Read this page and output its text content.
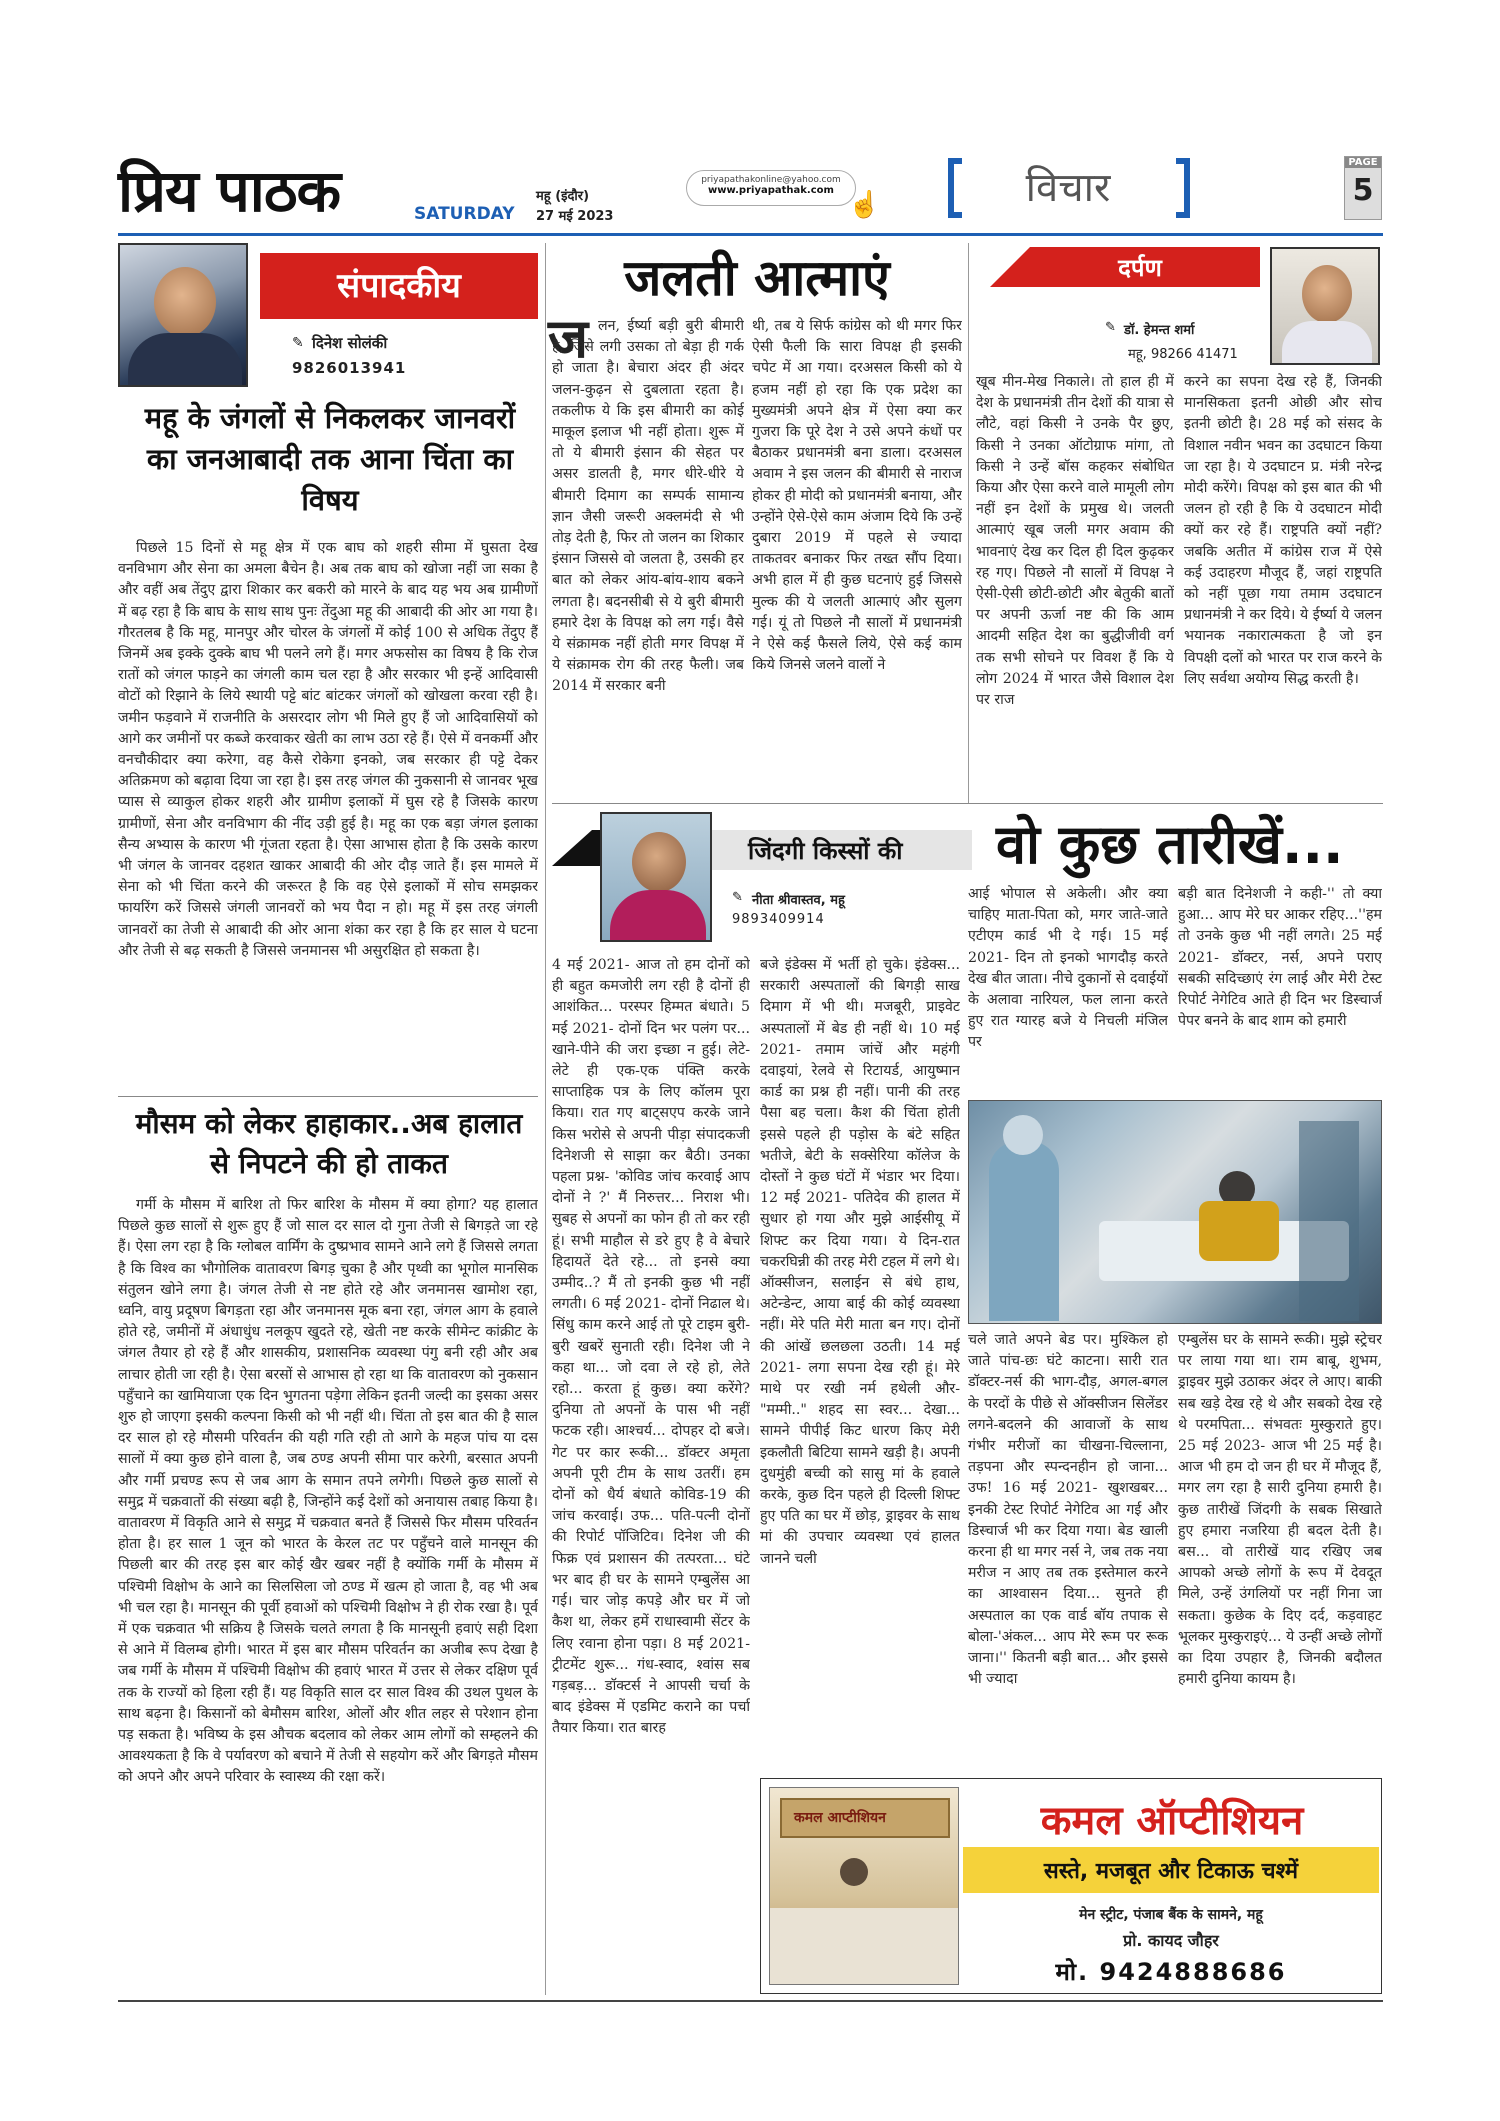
प्रिय पाठक	SATURDAY
महू (इंदौर)
27 मई 2023
priyapathakonline@yahoo.com
www.priyapathak.com ☝	विचार
PAGE
5
संपादकीय
✎ दिनेश सोलंकी
9826013941
महू के जंगलों से निकलकर जानवरों का जनआबादी तक आना चिंता का विषय
पिछले 15 दिनों से महू क्षेत्र में एक बाघ को शहरी सीमा में घुसता देख वनविभाग और सेना का अमला बैचेन है। अब तक बाघ को खोजा नहीं जा सका है और वहीं अब तेंदुए द्वारा शिकार कर बकरी को मारने के बाद यह भय अब ग्रामीणों में बढ़ रहा है कि बाघ के साथ साथ पुनः तेंदुआ महू की आबादी की ओर आ गया है। गौरतलब है कि महू, मानपुर और चोरल के जंगलों में कोई 100 से अधिक तेंदुए हैं जिनमें अब इक्के दुक्के बाघ भी पलने लगे हैं। मगर अफसोस का विषय है कि रोज रातों को जंगल फाड़ने का जंगली काम चल रहा है और सरकार भी इन्हें आदिवासी वोटों को रिझाने के लिये स्थायी पट्टे बांट बांटकर जंगलों को खोखला करवा रही है। जमीन फड़वाने में राजनीति के असरदार लोग भी मिले हुए हैं जो आदिवासियों को आगे कर जमीनों पर कब्जे करवाकर खेती का लाभ उठा रहे हैं। ऐसे में वनकर्मी और वनचौकीदार क्या करेगा, वह कैसे रोकेगा इनको, जब सरकार ही पट्टे देकर अतिक्रमण को बढ़ावा दिया जा रहा है। इस तरह जंगल की नुकसानी से जानवर भूख प्यास से व्याकुल होकर शहरी और ग्रामीण इलाकों में घुस रहे है जिसके कारण ग्रामीणों, सेना और वनविभाग की नींद उड़ी हुई है। महू का एक बड़ा जंगल इलाका सैन्य अभ्यास के कारण भी गूंजता रहता है। ऐसा आभास होता है कि उसके कारण भी जंगल के जानवर दहशत खाकर आबादी की ओर दौड़ जाते हैं। इस मामले में सेना को भी चिंता करने की जरूरत है कि वह ऐसे इलाकों में सोच समझकर फायरिंग करें जिससे जंगली जानवरों को भय पैदा न हो। महू में इस तरह जंगली जानवरों का तेजी से आबादी की ओर आना शंका कर रहा है कि हर साल ये घटना और तेजी से बढ़ सकती है जिससे जनमानस भी असुरक्षित हो सकता है।
मौसम को लेकर हाहाकार..अब हालात से निपटने की हो ताकत
गर्मी के मौसम में बारिश तो फिर बारिश के मौसम में क्या होगा? यह हालात पिछले कुछ सालों से शुरू हुए हैं जो साल दर साल दो गुना तेजी से बिगड़ते जा रहे हैं। ऐसा लग रहा है कि ग्लोबल वार्मिंग के दुष्प्रभाव सामने आने लगे हैं जिससे लगता है कि विश्व का भौगोलिक वातावरण बिगड़ चुका है और पृथ्वी का भूगोल मानसिक संतुलन खोने लगा है। जंगल तेजी से नष्ट होते रहे और जनमानस खामोश रहा, ध्वनि, वायु प्रदूषण बिगड़ता रहा और जनमानस मूक बना रहा, जंगल आग के हवाले होते रहे, जमीनों में अंधाधुंध नलकूप खुदते रहे, खेती नष्ट करके सीमेन्ट कांक्रीट के जंगल तैयार हो रहे हैं और शासकीय, प्रशासनिक व्यवस्था पंगु बनी रही और अब लाचार होती जा रही है। ऐसा बरसों से आभास हो रहा था कि वातावरण को नुकसान पहुँचाने का खामियाजा एक दिन भुगतना पड़ेगा लेकिन इतनी जल्दी का इसका असर शुरु हो जाएगा इसकी कल्पना किसी को भी नहीं थी। चिंता तो इस बात की है साल दर साल हो रहे मौसमी परिवर्तन की यही गति रही तो आगे के महज पांच या दस सालों में क्या कुछ होने वाला है, जब ठण्ड अपनी सीमा पार करेगी, बरसात अपनी और गर्मी प्रचण्ड रूप से जब आग के समान तपने लगेगी। पिछले कुछ सालों से समुद्र में चक्रवातों की संख्या बढ़ी है, जिन्होंने कई देशों को अनायास तबाह किया है। वातावरण में विकृति आने से समुद्र में चक्रवात बनते हैं जिससे फिर मौसम परिवर्तन होता है। हर साल 1 जून को भारत के केरल तट पर पहुँचने वाले मानसून की पिछली बार की तरह इस बार कोई खैर खबर नहीं है क्योंकि गर्मी के मौसम में पश्चिमी विक्षोभ के आने का सिलसिला जो ठण्ड में खत्म हो जाता है, वह भी अब भी चल रहा है। मानसून की पूर्वी हवाओं को पश्चिमी विक्षोभ ने ही रोक रखा है। पूर्व में एक चक्रवात भी सक्रिय है जिसके चलते लगता है कि मानसूनी हवाएं सही दिशा से आने में विलम्ब होगी। भारत में इस बार मौसम परिवर्तन का अजीब रूप देखा है जब गर्मी के मौसम में पश्चिमी विक्षोभ की हवाएं भारत में उत्तर से लेकर दक्षिण पूर्व तक के राज्यों को हिला रही हैं। यह विकृति साल दर साल विश्व की उथल पुथल के साथ बढ़ना है। किसानों को बेमौसम बारिश, ओलों और शीत लहर से परेशान होना पड़ सकता है। भविष्य के इस औचक बदलाव को लेकर आम लोगों को सम्हलने की आवश्यकता है कि वे पर्यावरण को बचाने में तेजी से सहयोग करें और बिगड़ते मौसम को अपने और अपने परिवार के स्वास्थ्य की रक्षा करें।
जलती आत्माएं
ज लन, ईर्ष्या बड़ी बुरी बीमारी है, जिसे लगी उसका तो बेड़ा ही गर्क हो जाता है। बेचारा अंदर ही अंदर जलन-कुढ़न से दुबलाता रहता है। तकलीफ ये कि इस बीमारी का कोई माकूल इलाज भी नहीं होता। शुरू में तो ये बीमारी इंसान की सेहत पर असर डालती है, मगर धीरे-धीरे ये बीमारी दिमाग का सम्पर्क सामान्य ज्ञान जैसी जरूरी अक्लमंदी से भी तोड़ देती है, फिर तो जलन का शिकार इंसान जिससे वो जलता है, उसकी हर बात को लेकर आंय-बांय-शाय बकने लगता है। बदनसीबी से ये बुरी बीमारी हमारे देश के विपक्ष को लग गई। वैसे ये संक्रामक नहीं होती मगर विपक्ष में ये संक्रामक रोग की तरह फैली। जब 2014 में सरकार बनी
थी, तब ये सिर्फ कांग्रेस को थी मगर फिर ऐसी फैली कि सारा विपक्ष ही इसकी चपेट में आ गया। दरअसल किसी को ये हजम नहीं हो रहा कि एक प्रदेश का मुख्यमंत्री अपने क्षेत्र में ऐसा क्या कर गुजरा कि पूरे देश ने उसे अपने कंधों पर बैठाकर प्रधानमंत्री बना डाला। दरअसल अवाम ने इस जलन की बीमारी से नाराज होकर ही मोदी को प्रधानमंत्री बनाया, और उन्होंने ऐसे-ऐसे काम अंजाम दिये कि उन्हें दुबारा 2019 में पहले से ज्यादा ताकतवर बनाकर फिर तख्त सौंप दिया। अभी हाल में ही कुछ घटनाएं हुई जिससे मुल्क की ये जलती आत्माएं और सुलग गई। यूं तो पिछले नौ सालों में प्रधानमंत्री ने ऐसे कई फैसले लिये, ऐसे कई काम किये जिनसे जलने वालों ने
दर्पण
✎ डॉ. हेमन्त शर्मा
महू, 98266 41471
खूब मीन-मेख निकाले। तो हाल ही में देश के प्रधानमंत्री तीन देशों की यात्रा से लौटे, वहां किसी ने उनके पैर छुए, किसी ने उनका ऑटोग्राफ मांगा, तो किसी ने उन्हें बॉस कहकर संबोधित किया और ऐसा करने वाले मामूली लोग नहीं इन देशों के प्रमुख थे। जलती आत्माएं खूब जली मगर अवाम की भावनाएं देख कर दिल ही दिल कुढ़कर रह गए। पिछले नौ सालों में विपक्ष ने ऐसी-ऐसी छोटी-छोटी और बेतुकी बातों पर अपनी ऊर्जा नष्ट की कि आम आदमी सहित देश का बुद्धीजीवी वर्ग तक सभी सोचने पर विवश हैं कि ये लोग 2024 में भारत जैसे विशाल देश पर राज
करने का सपना देख रहे हैं, जिनकी मानसिकता इतनी ओछी और सोच इतनी छोटी है। 28 मई को संसद के विशाल नवीन भवन का उदघाटन किया जा रहा है। ये उदघाटन प्र. मंत्री नरेन्द्र मोदी करेंगे। विपक्ष को इस बात की भी जलन हो रही है कि ये उदघाटन मोदी क्यों कर रहे हैं। राष्ट्रपति क्यों नहीं? जबकि अतीत में कांग्रेस राज में ऐसे कई उदाहरण मौजूद हैं, जहां राष्ट्रपति को नहीं पूछा गया तमाम उदघाटन प्रधानमंत्री ने कर दिये। ये ईर्ष्या ये जलन भयानक नकारात्मकता है जो इन विपक्षी दलों को भारत पर राज करने के लिए सर्वथा अयोग्य सिद्ध करती है।
जिंदगी किस्सों की
✎ नीता श्रीवास्तव, महू
9893409914
वो कुछ तारीखें...
4 मई 2021- आज तो हम दोनों को ही बहुत कमजोरी लग रही है दोनों ही आशंकित... परस्पर हिम्मत बंधाते। 5 मई 2021- दोनों दिन भर पलंग पर... खाने-पीने की जरा इच्छा न हुई। लेटे-लेटे ही एक-एक पंक्ति करके साप्ताहिक पत्र के लिए कॉलम पूरा किया। रात गए बाट्सएप करके जाने किस भरोसे से अपनी पीड़ा संपादकजी दिनेशजी से साझा कर बैठी। उनका पहला प्रश्न- 'कोविड जांच करवाई आप दोनों ने ?' मैं निरुत्तर... निराश भी। सुबह से अपनों का फोन ही तो कर रही हूं। सभी माहौल से डरे हुए है वे बेचारे हिदायतें देते रहे... तो इनसे क्या उम्मीद..? मैं तो इनकी कुछ भी नहीं लगती। 6 मई 2021- दोनों निढाल थे। सिंधु काम करने आई तो पूरे टाइम बुरी-बुरी खबरें सुनाती रही। दिनेश जी ने कहा था... जो दवा ले रहे हो, लेते रहो... करता हूं कुछ। क्या करेंगे? दुनिया तो अपनों के पास भी नहीं फटक रही। आश्चर्य... दोपहर दो बजे। गेट पर कार रूकी... डॉक्टर अमृता अपनी पूरी टीम के साथ उतरीं। हम दोनों को धैर्य बंधाते कोविड-19 की जांच करवाई। उफ... पति-पत्नी दोनों की रिपोर्ट पॉजिटिव। दिनेश जी की फिक्र एवं प्रशासन की तत्परता... घंटे भर बाद ही घर के सामने एम्बुलेंस आ गई। चार जोड़ कपड़े और घर में जो कैश था, लेकर हमें राधास्वामी सेंटर के लिए रवाना होना पड़ा। 8 मई 2021- ट्रीटमेंट शुरू... गंध-स्वाद, श्वांस सब गड़बड़... डॉक्टर्स ने आपसी चर्चा के बाद इंडेक्स में एडमिट कराने का पर्चा तैयार किया। रात बारह
बजे इंडेक्स में भर्ती हो चुके। इंडेक्स... सरकारी अस्पतालों की बिगड़ी साख दिमाग में भी थी। मजबूरी, प्राइवेट अस्पतालों में बेड ही नहीं थे। 10 मई 2021- तमाम जांचें और महंगी दवाइयां, रेलवे से रिटायर्ड, आयुष्मान कार्ड का प्रश्न ही नहीं। पानी की तरह पैसा बह चला। कैश की चिंता होती इससे पहले ही पड़ोस के बंटे सहित भतीजे, बेटी के सक्सेरिया कॉलेज के दोस्तों ने कुछ घंटों में भंडार भर दिया। 12 मई 2021- पतिदेव की हालत में सुधार हो गया और मुझे आईसीयू में शिफ्ट कर दिया गया। ये दिन-रात चकरघिन्नी की तरह मेरी टहल में लगे थे। ऑक्सीजन, सलाईन से बंधे हाथ, अटेन्डेन्ट, आया बाई की कोई व्यवस्था नहीं। मेरे पति मेरी माता बन गए। दोनों की आंखें छलछला उठती। 14 मई 2021- लगा सपना देख रही हूं। मेरे माथे पर रखी नर्म हथेली और- "मम्मी.." शहद सा स्वर... देखा... सामने पीपीई किट धारण किए मेरी इकलौती बिटिया सामने खड़ी है। अपनी दुधमुंही बच्ची को सासु मां के हवाले करके, कुछ दिन पहले ही दिल्ली शिफ्ट हुए पति का घर में छोड़, ड्राइवर के साथ मां की उपचार व्यवस्था एवं हालत जानने चली
आई भोपाल से अकेली। और क्या चाहिए माता-पिता को, मगर जाते-जाते एटीएम कार्ड भी दे गई। 15 मई 2021- दिन तो इनको भागदौड़ करते देख बीत जाता। नीचे दुकानों से दवाईयों के अलावा नारियल, फल लाना करते हुए रात ग्यारह बजे ये निचली मंजिल पर
बड़ी बात दिनेशजी ने कही-'' तो क्या हुआ... आप मेरे घर आकर रहिए...''हम तो उनके कुछ भी नहीं लगते। 25 मई 2021- डॉक्टर, नर्स, अपने पराए सबकी सदिच्छाएं रंग लाई और मेरी टेस्ट रिपोर्ट नेगेटिव आते ही दिन भर डिस्चार्ज पेपर बनने के बाद शाम को हमारी
चले जाते अपने बेड पर। मुश्किल हो जाते पांच-छः घंटे काटना। सारी रात डॉक्टर-नर्स की भाग-दौड़, अगल-बगल के परदों के पीछे से ऑक्सीजन सिलेंडर लगने-बदलने की आवाजों के साथ गंभीर मरीजों का चीखना-चिल्लाना, तड़पना और स्पन्दनहीन हो जाना... उफ! 16 मई 2021- खुशखबर... इनकी टेस्ट रिपोर्ट नेगेटिव आ गई और डिस्चार्ज भी कर दिया गया। बेड खाली करना ही था मगर नर्स ने, जब तक नया मरीज न आए तब तक इस्तेमाल करने का आश्वासन दिया... सुनते ही अस्पताल का एक वार्ड बॉय तपाक से बोला-'अंकल... आप मेरे रूम पर रूक जाना।'' कितनी बड़ी बात... और इससे भी ज्यादा
एम्बुलेंस घर के सामने रूकी। मुझे स्ट्रेचर पर लाया गया था। राम बाबू, शुभम, ड्राइवर मुझे उठाकर अंदर ले आए। बाकी सब खड़े देख रहे थे और सबको देख रहे थे परमपिता... संभवतः मुस्कुराते हुए। 25 मई 2023- आज भी 25 मई है। आज भी हम दो जन ही घर में मौजूद हैं, मगर लग रहा है सारी दुनिया हमारी है। कुछ तारीखें जिंदगी के सबक सिखाते हुए हमारा नजरिया ही बदल देती है। बस... वो तारीखें याद रखिए जब आपको अच्छे लोगों के रूप में देवदूत मिले, उन्हें उंगलियों पर नहीं गिना जा सकता। कुछेक के दिए दर्द, कड़वाहट भूलकर मुस्कुराइएं... ये उन्हीं अच्छे लोगों का दिया उपहार है, जिनकी बदौलत हमारी दुनिया कायम है।
कमल आप्टीशियन	कमल ऑप्टीशियन
सस्ते, मजबूत और टिकाऊ चश्में
मेन स्ट्रीट, पंजाब बैंक के सामने, महू
प्रो. कायद जौहर
मो. 9424888686
